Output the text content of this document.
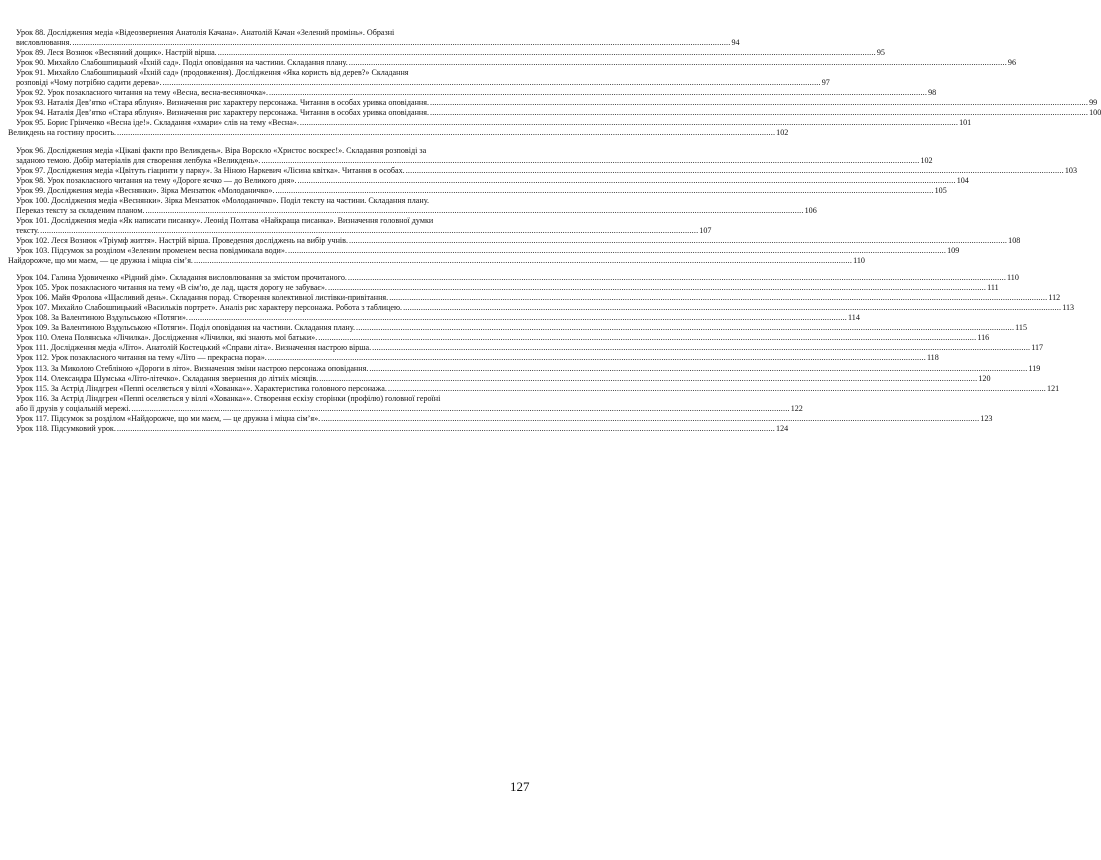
Урок 88. Дослідження медіа «Відеозвернення Анатолія Качана». Анатолій Качан «Зелений промінь». Образні
висловлювання. .....	94
Урок 89. Леся Вознюк «Весняний дощик». Настрій вірша. .....	95
Урок 90. Михайло Слабошпицький «Їхній сад». Поділ оповідання на частини. Складання плану. .....	96
Урок 91. Михайло Слабошпицький «Їхній сад» (продовження). Дослідження «Яка користь від дерев?» Складання
розповіді «Чому потрібно садити дерева». .....	97
Урок 92. Урок позакласного читання на тему «Весна, весна-весняночка». .....	98
Урок 93. Наталія Дев’ятко «Стара яблуня». Визначення рис характеру персонажа. Читання в особах уривка оповідання. .....	99
Урок 94. Наталія Дев’ятко «Стара яблуня». Визначення рис характеру персонажа. Читання в особах уривка оповідання. .....	100
Урок 95. Борис Грінченко «Весна іде!». Складання «хмари» слів на тему «Весна». .....	101
Великдень на гостину просить. .....	102
Урок 96. Дослідження медіа «Цікаві факти про Великдень». Віра Ворскло «Христос воскрес!». Складання розповіді за
заданою темою. Добір матеріалів для створення лепбука «Великдень». .....	102
Урок 97. Дослідження медіа «Цвітуть гіацинти у парку». За Ніною Наркевич «Лісина квітка». Читання в особах. .....	103
Урок 98. Урок позакласного читання на тему «Дороге яєчко — до Великого дня». .....	104
Урок 99. Дослідження медіа «Веснянки». Зірка Мензатюк «Молоданичко». .....	105
Урок 100. Дослідження медіа «Веснянки». Зірка Мензатюк «Молоданичко». Поділ тексту на частини. Складання плану.
Переказ тексту за складеним планом. .....	106
Урок 101. Дослідження медіа «Як написати писанку». Леонід Полтава «Найкраща писанка». Визначення головної думки
тексту. .....	107
Урок 102. Леся Вознюк «Тріумф життя». Настрій вірша. Проведення досліджень на вибір учнів. .....	108
Урок 103. Підсумок за розділом «Зеленим променем весна повідмикала води». .....	109
Найдорожче, що ми маєм, — це дружна і міцна сім’я. .....	110
Урок 104. Галина Удовиченко «Рідний дім». Складання висловлювання за змістом прочитаного. .....	110
Урок 105. Урок позакласного читання на тему «В сім’ю, де лад, щастя дорогу не забуває». .....	111
Урок 106. Майя Фролова «Щасливий день». Складання порад. Створення колективної листівки-привітання. .....	112
Урок 107. Михайло Слабошпицький «Васильків портрет». Аналіз рис характеру персонажа. Робота з таблицею. .....	113
Урок 108. За Валентиною Вздульською «Потяги». .....	114
Урок 109. За Валентиною Вздульською «Потяги». Поділ оповідання на частини. Складання плану. .....	115
Урок 110. Олена Полянська «Лічилка». Дослідження «Лічилки, які знають мої батьки». .....	116
Урок 111. Дослідження медіа «Літо». Анатолій Костецький «Справи літа». Визначення настрою вірша. .....	117
Урок 112. Урок позакласного читання на тему «Літо — прекрасна пора». .....	118
Урок 113. За Миколою Стебліною «Дороги в літо». Визначення зміни настрою персонажа оповідання. .....	119
Урок 114. Олександра Шумська «Літо-літечко». Складання звернення до літніх місяців. .....	120
Урок 115. За Астрід Ліндгрен «Пеппі оселяється у віллі «Хованка»». Характеристика головного персонажа. .....	121
Урок 116. За Астрід Ліндгрен «Пеппі оселяється у віллі «Хованка»». Створення ескізу сторінки (профілю) головної героїні
або її друзів у соціальній мережі. .....	122
Урок 117. Підсумок за розділом «Найдорожче, що ми маєм, — це дружна і міцна сім’я». .....	123
Урок 118. Підсумковий урок. .....	124
127
